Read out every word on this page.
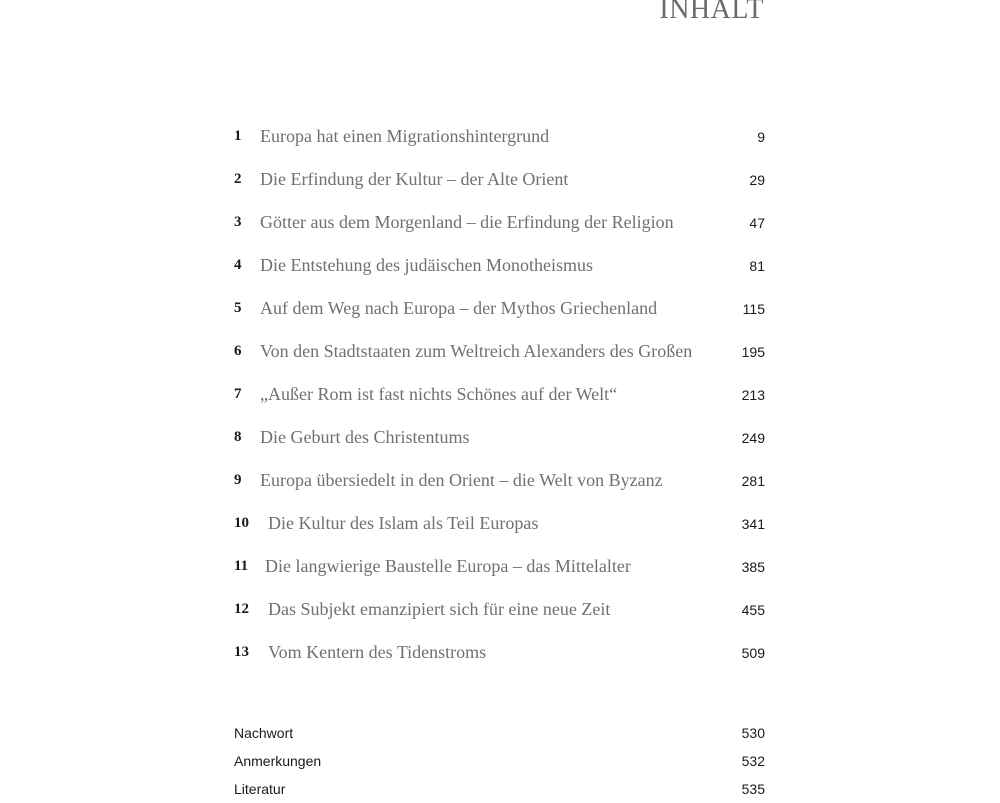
INHALT
1	Europa hat einen Migrationshintergrund	9
2	Die Erfindung der Kultur – der Alte Orient	29
3	Götter aus dem Morgenland – die Erfindung der Religion	47
4	Die Entstehung des judäischen Monotheismus	81
5	Auf dem Weg nach Europa – der Mythos Griechenland	115
6	Von den Stadtstaaten zum Weltreich Alexanders des Großen	195
7	„Außer Rom ist fast nichts Schönes auf der Welt“	213
8	Die Geburt des Christentums	249
9	Europa übersiedelt in den Orient – die Welt von Byzanz	281
10	Die Kultur des Islam als Teil Europas	341
11 Die langwierige Baustelle Europa – das Mittelalter	385
12	Das Subjekt emanzipiert sich für eine neue Zeit	455
13	Vom Kentern des Tidenstroms	509
Nachwort	530
Anmerkungen	532
Literatur	535
